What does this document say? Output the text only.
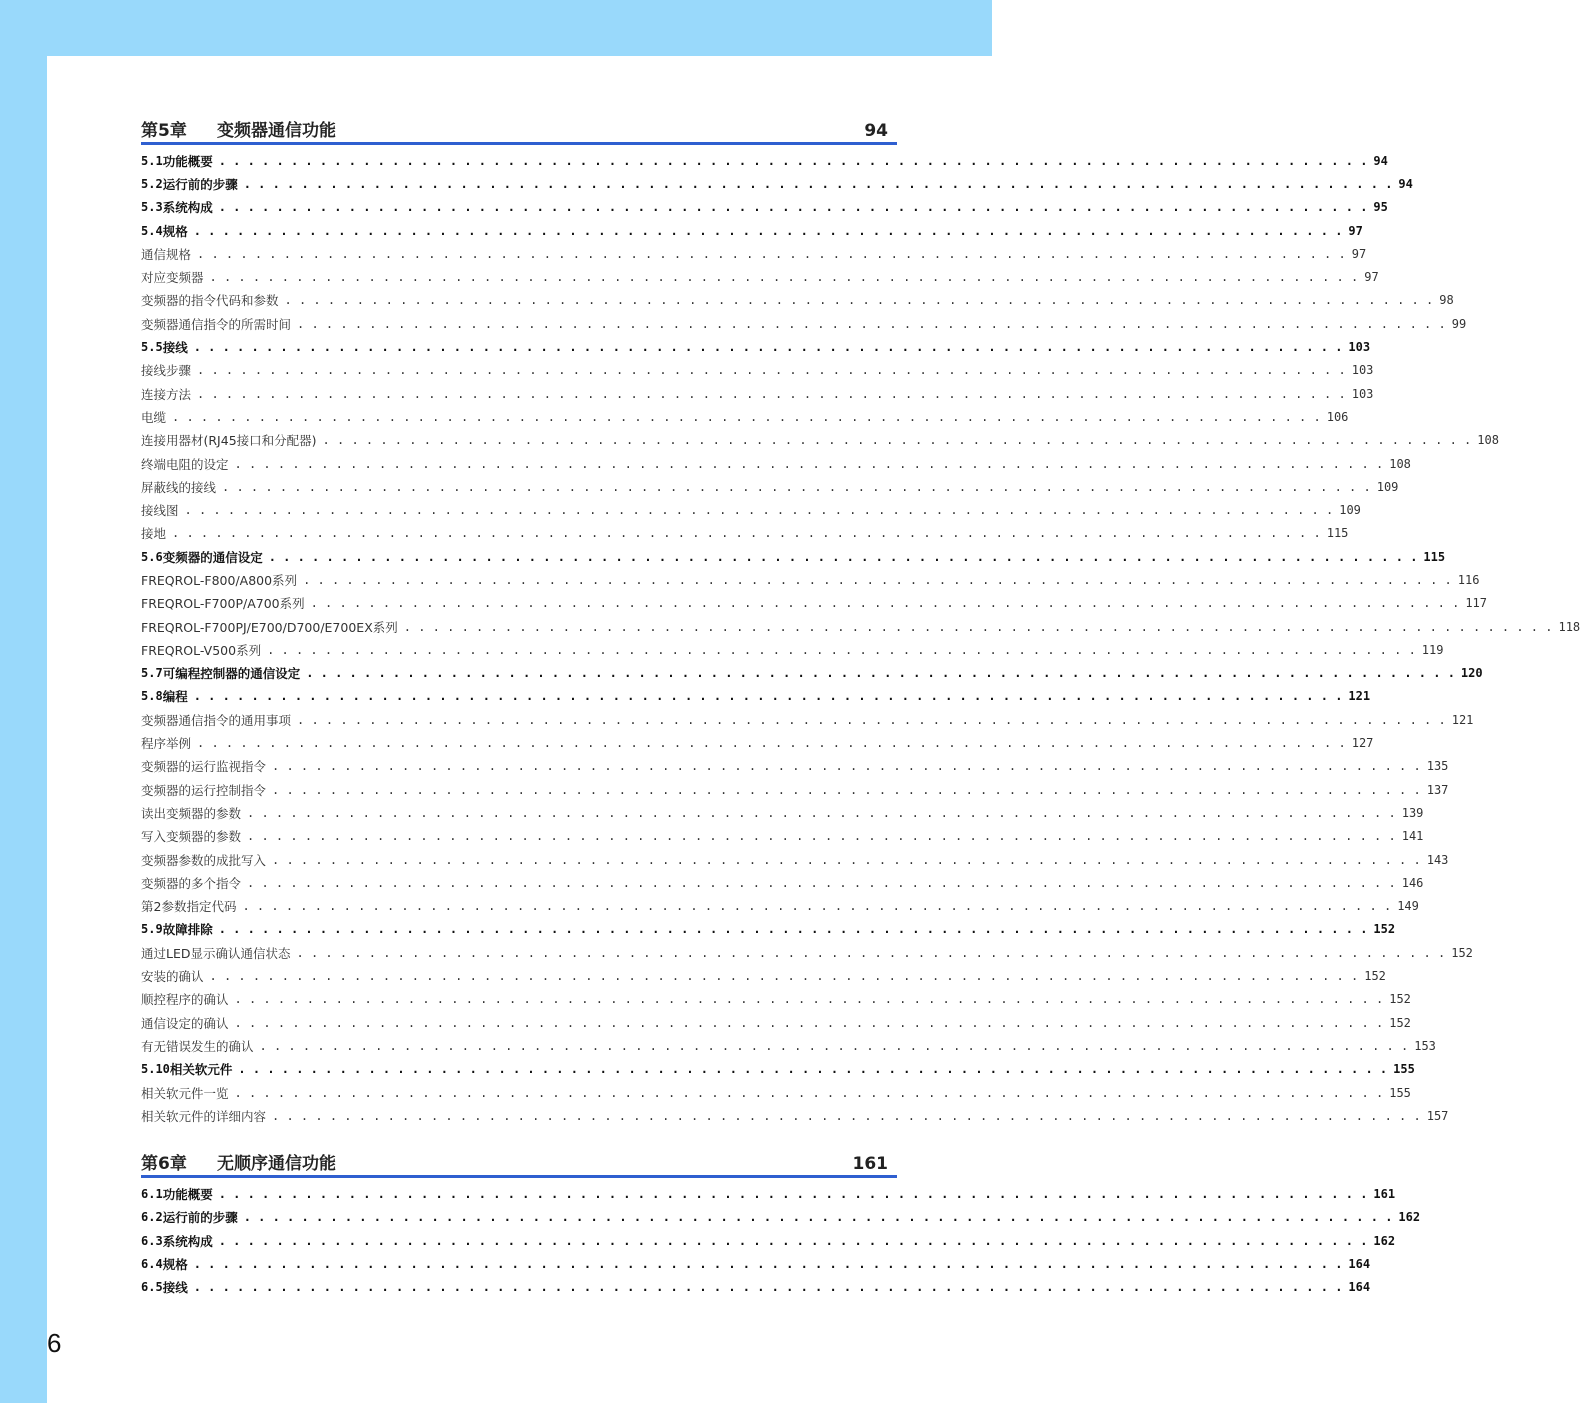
第5章	变频器通信功能	94
5.1 功能概要 . . . . . . . . . . . . . . . . . . . . . . . . . . . . . . . . . . . . . . . . . . . . . . . . . . . . . . . . . . . . . . . . . . . . . . . . . . . . . . . . 94
5.2 运行前的步骤 . . . . . . . . . . . . . . . . . . . . . . . . . . . . . . . . . . . . . . . . . . . . . . . . . . . . . . . . . . . . . . . . . . . . . . . . . . . . . . . . 94
5.3 系统构成 . . . . . . . . . . . . . . . . . . . . . . . . . . . . . . . . . . . . . . . . . . . . . . . . . . . . . . . . . . . . . . . . . . . . . . . . . . . . . . . . 95
5.4 规格 . . . . . . . . . . . . . . . . . . . . . . . . . . . . . . . . . . . . . . . . . . . . . . . . . . . . . . . . . . . . . . . . . . . . . . . . . . . . . . . . 97
通信规格 . . . . . . . . . . . . . . . . . . . . . . . . . . . . . . . . . . . . . . . . . . . . . . . . . . . . . . . . . . . . . . . . . . . . . . . . . . . . . . . . 97
对应变频器 . . . . . . . . . . . . . . . . . . . . . . . . . . . . . . . . . . . . . . . . . . . . . . . . . . . . . . . . . . . . . . . . . . . . . . . . . . . . . . . . 97
变频器的指令代码和参数 . . . . . . . . . . . . . . . . . . . . . . . . . . . . . . . . . . . . . . . . . . . . . . . . . . . . . . . . . . . . . . . . . . . . . . . . . . . . . . . . 98
变频器通信指令的所需时间 . . . . . . . . . . . . . . . . . . . . . . . . . . . . . . . . . . . . . . . . . . . . . . . . . . . . . . . . . . . . . . . . . . . . . . . . . . . . . . . . 99
5.5 接线 . . . . . . . . . . . . . . . . . . . . . . . . . . . . . . . . . . . . . . . . . . . . . . . . . . . . . . . . . . . . . . . . . . . . . . . . . . . . . . . . 103
接线步骤 . . . . . . . . . . . . . . . . . . . . . . . . . . . . . . . . . . . . . . . . . . . . . . . . . . . . . . . . . . . . . . . . . . . . . . . . . . . . . . . . 103
连接方法 . . . . . . . . . . . . . . . . . . . . . . . . . . . . . . . . . . . . . . . . . . . . . . . . . . . . . . . . . . . . . . . . . . . . . . . . . . . . . . . . 103
电缆 . . . . . . . . . . . . . . . . . . . . . . . . . . . . . . . . . . . . . . . . . . . . . . . . . . . . . . . . . . . . . . . . . . . . . . . . . . . . . . . . 106
连接用器材(RJ45接口和分配器) . . . . . . . . . . . . . . . . . . . . . . . . . . . . . . . . . . . . . . . . . . . . . . . . . . . . . . . . . . . . . . . . . . . . . . . . . . . . . . . . 108
终端电阻的设定 . . . . . . . . . . . . . . . . . . . . . . . . . . . . . . . . . . . . . . . . . . . . . . . . . . . . . . . . . . . . . . . . . . . . . . . . . . . . . . . . 108
屏蔽线的接线 . . . . . . . . . . . . . . . . . . . . . . . . . . . . . . . . . . . . . . . . . . . . . . . . . . . . . . . . . . . . . . . . . . . . . . . . . . . . . . . . 109
接线图 . . . . . . . . . . . . . . . . . . . . . . . . . . . . . . . . . . . . . . . . . . . . . . . . . . . . . . . . . . . . . . . . . . . . . . . . . . . . . . . . 109
接地 . . . . . . . . . . . . . . . . . . . . . . . . . . . . . . . . . . . . . . . . . . . . . . . . . . . . . . . . . . . . . . . . . . . . . . . . . . . . . . . . 115
5.6 变频器的通信设定 . . . . . . . . . . . . . . . . . . . . . . . . . . . . . . . . . . . . . . . . . . . . . . . . . . . . . . . . . . . . . . . . . . . . . . . . . . . . . . . . 115
FREQROL-F800/A800系列 . . . . . . . . . . . . . . . . . . . . . . . . . . . . . . . . . . . . . . . . . . . . . . . . . . . . . . . . . . . . . . . . . . . . . . . . . . . . . . . . 116
FREQROL-F700P/A700系列 . . . . . . . . . . . . . . . . . . . . . . . . . . . . . . . . . . . . . . . . . . . . . . . . . . . . . . . . . . . . . . . . . . . . . . . . . . . . . . . . 117
FREQROL-F700PJ/E700/D700/E700EX系列 . . . . . . . . . . . . . . . . . . . . . . . . . . . . . . . . . . . . . . . . . . . . . . . . . . . . . . . . . . . . . . . . . . . . . . . . . . . . . . . . 118
FREQROL-V500系列 . . . . . . . . . . . . . . . . . . . . . . . . . . . . . . . . . . . . . . . . . . . . . . . . . . . . . . . . . . . . . . . . . . . . . . . . . . . . . . . . 119
5.7 可编程控制器的通信设定 . . . . . . . . . . . . . . . . . . . . . . . . . . . . . . . . . . . . . . . . . . . . . . . . . . . . . . . . . . . . . . . . . . . . . . . . . . . . . . . . 120
5.8 编程 . . . . . . . . . . . . . . . . . . . . . . . . . . . . . . . . . . . . . . . . . . . . . . . . . . . . . . . . . . . . . . . . . . . . . . . . . . . . . . . . 121
变频器通信指令的通用事项 . . . . . . . . . . . . . . . . . . . . . . . . . . . . . . . . . . . . . . . . . . . . . . . . . . . . . . . . . . . . . . . . . . . . . . . . . . . . . . . . 121
程序举例 . . . . . . . . . . . . . . . . . . . . . . . . . . . . . . . . . . . . . . . . . . . . . . . . . . . . . . . . . . . . . . . . . . . . . . . . . . . . . . . . 127
变频器的运行监视指令 . . . . . . . . . . . . . . . . . . . . . . . . . . . . . . . . . . . . . . . . . . . . . . . . . . . . . . . . . . . . . . . . . . . . . . . . . . . . . . . . 135
变频器的运行控制指令 . . . . . . . . . . . . . . . . . . . . . . . . . . . . . . . . . . . . . . . . . . . . . . . . . . . . . . . . . . . . . . . . . . . . . . . . . . . . . . . . 137
读出变频器的参数 . . . . . . . . . . . . . . . . . . . . . . . . . . . . . . . . . . . . . . . . . . . . . . . . . . . . . . . . . . . . . . . . . . . . . . . . . . . . . . . . 139
写入变频器的参数 . . . . . . . . . . . . . . . . . . . . . . . . . . . . . . . . . . . . . . . . . . . . . . . . . . . . . . . . . . . . . . . . . . . . . . . . . . . . . . . . 141
变频器参数的成批写入 . . . . . . . . . . . . . . . . . . . . . . . . . . . . . . . . . . . . . . . . . . . . . . . . . . . . . . . . . . . . . . . . . . . . . . . . . . . . . . . . 143
变频器的多个指令 . . . . . . . . . . . . . . . . . . . . . . . . . . . . . . . . . . . . . . . . . . . . . . . . . . . . . . . . . . . . . . . . . . . . . . . . . . . . . . . . 146
第2参数指定代码 . . . . . . . . . . . . . . . . . . . . . . . . . . . . . . . . . . . . . . . . . . . . . . . . . . . . . . . . . . . . . . . . . . . . . . . . . . . . . . . . 149
5.9 故障排除 . . . . . . . . . . . . . . . . . . . . . . . . . . . . . . . . . . . . . . . . . . . . . . . . . . . . . . . . . . . . . . . . . . . . . . . . . . . . . . . . 152
通过LED显示确认通信状态 . . . . . . . . . . . . . . . . . . . . . . . . . . . . . . . . . . . . . . . . . . . . . . . . . . . . . . . . . . . . . . . . . . . . . . . . . . . . . . . . 152
安装的确认 . . . . . . . . . . . . . . . . . . . . . . . . . . . . . . . . . . . . . . . . . . . . . . . . . . . . . . . . . . . . . . . . . . . . . . . . . . . . . . . . 152
顺控程序的确认 . . . . . . . . . . . . . . . . . . . . . . . . . . . . . . . . . . . . . . . . . . . . . . . . . . . . . . . . . . . . . . . . . . . . . . . . . . . . . . . . 152
通信设定的确认 . . . . . . . . . . . . . . . . . . . . . . . . . . . . . . . . . . . . . . . . . . . . . . . . . . . . . . . . . . . . . . . . . . . . . . . . . . . . . . . . 152
有无错误发生的确认 . . . . . . . . . . . . . . . . . . . . . . . . . . . . . . . . . . . . . . . . . . . . . . . . . . . . . . . . . . . . . . . . . . . . . . . . . . . . . . . . 153
5.10 相关软元件 . . . . . . . . . . . . . . . . . . . . . . . . . . . . . . . . . . . . . . . . . . . . . . . . . . . . . . . . . . . . . . . . . . . . . . . . . . . . . . . . 155
相关软元件一览 . . . . . . . . . . . . . . . . . . . . . . . . . . . . . . . . . . . . . . . . . . . . . . . . . . . . . . . . . . . . . . . . . . . . . . . . . . . . . . . . 155
相关软元件的详细内容 . . . . . . . . . . . . . . . . . . . . . . . . . . . . . . . . . . . . . . . . . . . . . . . . . . . . . . . . . . . . . . . . . . . . . . . . . . . . . . . . 157
第6章	无顺序通信功能	161
6.1 功能概要 . . . . . . . . . . . . . . . . . . . . . . . . . . . . . . . . . . . . . . . . . . . . . . . . . . . . . . . . . . . . . . . . . . . . . . . . . . . . . . . . 161
6.2 运行前的步骤 . . . . . . . . . . . . . . . . . . . . . . . . . . . . . . . . . . . . . . . . . . . . . . . . . . . . . . . . . . . . . . . . . . . . . . . . . . . . . . . . 162
6.3 系统构成 . . . . . . . . . . . . . . . . . . . . . . . . . . . . . . . . . . . . . . . . . . . . . . . . . . . . . . . . . . . . . . . . . . . . . . . . . . . . . . . . 162
6.4 规格 . . . . . . . . . . . . . . . . . . . . . . . . . . . . . . . . . . . . . . . . . . . . . . . . . . . . . . . . . . . . . . . . . . . . . . . . . . . . . . . . 164
6.5 接线 . . . . . . . . . . . . . . . . . . . . . . . . . . . . . . . . . . . . . . . . . . . . . . . . . . . . . . . . . . . . . . . . . . . . . . . . . . . . . . . . 164
6
